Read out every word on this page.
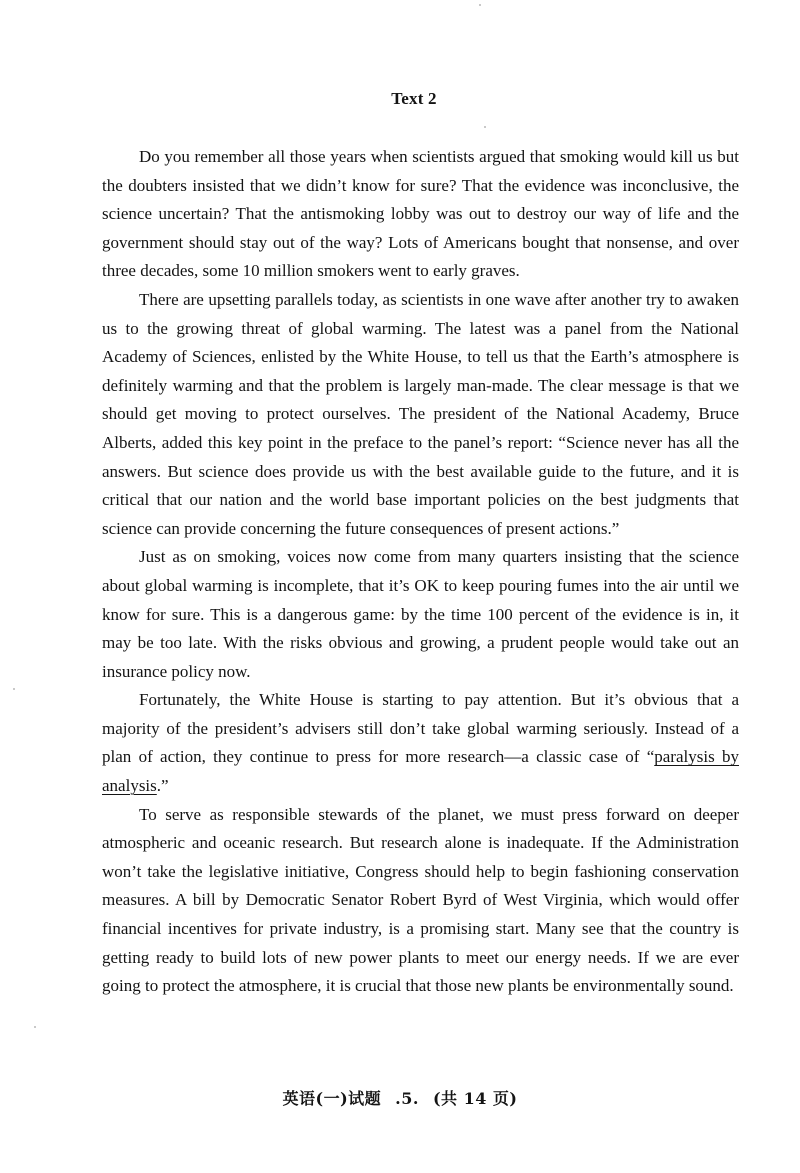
Text 2

Do you remember all those years when scientists argued that smoking would kill us but the doubters insisted that we didn’t know for sure? That the evidence was inconclusive, the science uncertain? That the antismoking lobby was out to destroy our way of life and the government should stay out of the way? Lots of Americans bought that nonsense, and over three decades, some 10 million smokers went to early graves.

There are upsetting parallels today, as scientists in one wave after another try to awaken us to the growing threat of global warming. The latest was a panel from the National Academy of Sciences, enlisted by the White House, to tell us that the Earth’s atmosphere is definitely warming and that the problem is largely man-made. The clear message is that we should get moving to protect ourselves. The president of the National Academy, Bruce Alberts, added this key point in the preface to the panel’s report: “Science never has all the answers. But science does provide us with the best available guide to the future, and it is critical that our nation and the world base important policies on the best judgments that science can provide concerning the future consequences of present actions.”

Just as on smoking, voices now come from many quarters insisting that the science about global warming is incomplete, that it’s OK to keep pouring fumes into the air until we know for sure. This is a dangerous game: by the time 100 percent of the evidence is in, it may be too late. With the risks obvious and growing, a prudent people would take out an insurance policy now.

Fortunately, the White House is starting to pay attention. But it’s obvious that a majority of the president’s advisers still don’t take global warming seriously. Instead of a plan of action, they continue to press for more research—a classic case of “paralysis by analysis.”

To serve as responsible stewards of the planet, we must press forward on deeper atmospheric and oceanic research. But research alone is inadequate. If the Administration won’t take the legislative initiative, Congress should help to begin fashioning conservation measures. A bill by Democratic Senator Robert Byrd of West Virginia, which would offer financial incentives for private industry, is a promising start. Many see that the country is getting ready to build lots of new power plants to meet our energy needs. If we are ever going to protect the atmosphere, it is crucial that those new plants be environmentally sound.

英语(一)试题 .5. (共 14 页)
